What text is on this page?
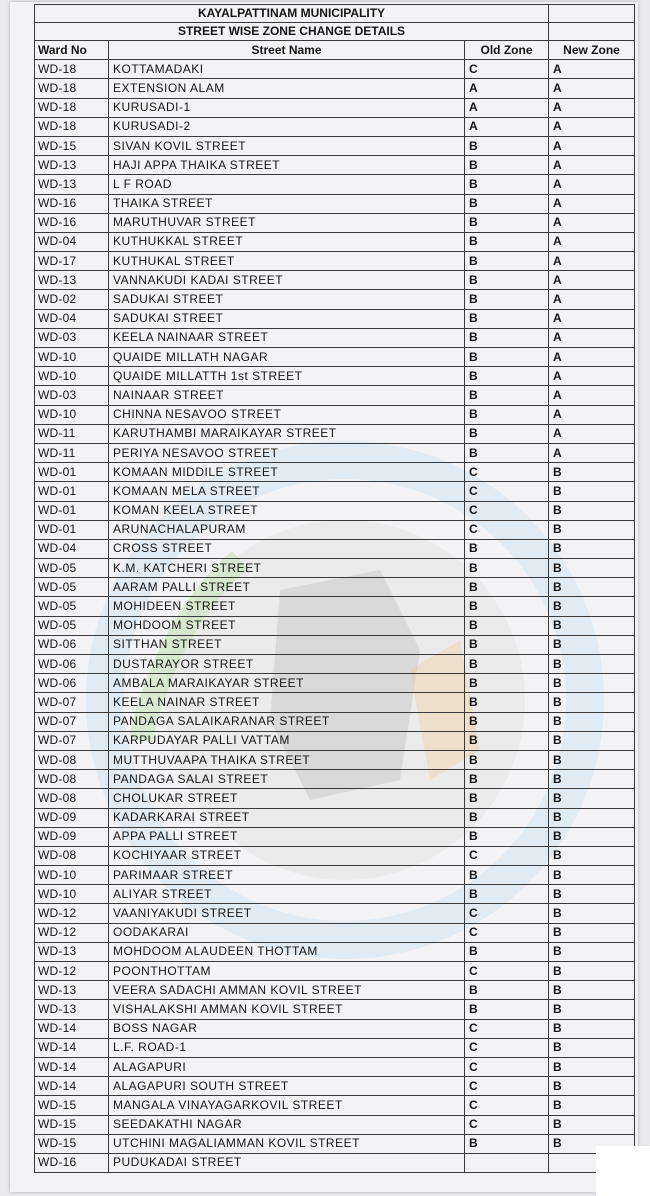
KAYALPATTINAM MUNICIPALITY			
STREET WISE ZONE CHANGE DETAILS			
Ward No	Street Name	Old Zone	New Zone
WD-18	KOTTAMADAKI	C	A
WD-18	EXTENSION ALAM	A	A
WD-18	KURUSADI-1	A	A
WD-18	KURUSADI-2	A	A
WD-15	SIVAN KOVIL STREET	B	A
WD-13	HAJI APPA THAIKA STREET	B	A
WD-13	L F ROAD	B	A
WD-16	THAIKA STREET	B	A
WD-16	MARUTHUVAR STREET	B	A
WD-04	KUTHUKKAL STREET	B	A
WD-17	KUTHUKAL STREET	B	A
WD-13	VANNAKUDI KADAI STREET	B	A
WD-02	SADUKAI STREET	B	A
WD-04	SADUKAI STREET	B	A
WD-03	KEELA NAINAAR STREET	B	A
WD-10	QUAIDE MILLATH NAGAR	B	A
WD-10	QUAIDE MILLATTH 1st STREET	B	A
WD-03	NAINAAR STREET	B	A
WD-10	CHINNA NESAVOO STREET	B	A
WD-11	KARUTHAMBI MARAIKAYAR STREET	B	A
WD-11	PERIYA NESAVOO STREET	B	A
WD-01	KOMAAN MIDDILE STREET	C	B
WD-01	KOMAAN MELA STREET	C	B
WD-01	KOMAN KEELA STREET	C	B
WD-01	ARUNACHALAPURAM	C	B
WD-04	CROSS STREET	B	B
WD-05	K.M. KATCHERI STREET	B	B
WD-05	AARAM PALLI STREET	B	B
WD-05	MOHIDEEN STREET	B	B
WD-05	MOHDOOM STREET	B	B
WD-06	SITTHAN STREET	B	B
WD-06	DUSTARAYOR STREET	B	B
WD-06	AMBALA MARAIKAYAR STREET	B	B
WD-07	KEELA NAINAR STREET	B	B
WD-07	PANDAGA SALAIKARANAR STREET	B	B
WD-07	KARPUDAYAR PALLI VATTAM	B	B
WD-08	MUTTHUVAAPA THAIKA STREET	B	B
WD-08	PANDAGA SALAI STREET	B	B
WD-08	CHOLUKAR STREET	B	B
WD-09	KADARKARAI STREET	B	B
WD-09	APPA PALLI STREET	B	B
WD-08	KOCHIYAAR STREET	C	B
WD-10	PARIMAAR STREET	B	B
WD-10	ALIYAR STREET	B	B
WD-12	VAANIYAKUDI STREET	C	B
WD-12	OODAKARAI	C	B
WD-13	MOHDOOM ALAUDEEN THOTTAM	B	B
WD-12	POONTHOTTAM	C	B
WD-13	VEERA SADACHI AMMAN KOVIL STREET	B	B
WD-13	VISHALAKSHI AMMAN KOVIL STREET	B	B
WD-14	BOSS NAGAR	C	B
WD-14	L.F. ROAD-1	C	B
WD-14	ALAGAPURI	C	B
WD-14	ALAGAPURI SOUTH STREET	C	B
WD-15	MANGALA VINAYAGARKOVIL STREET	C	B
WD-15	SEEDAKATHI NAGAR	C	B
WD-15	UTCHINI MAGALIAMMAN KOVIL STREET	B	B
WD-16	PUDUKADAI STREET		
